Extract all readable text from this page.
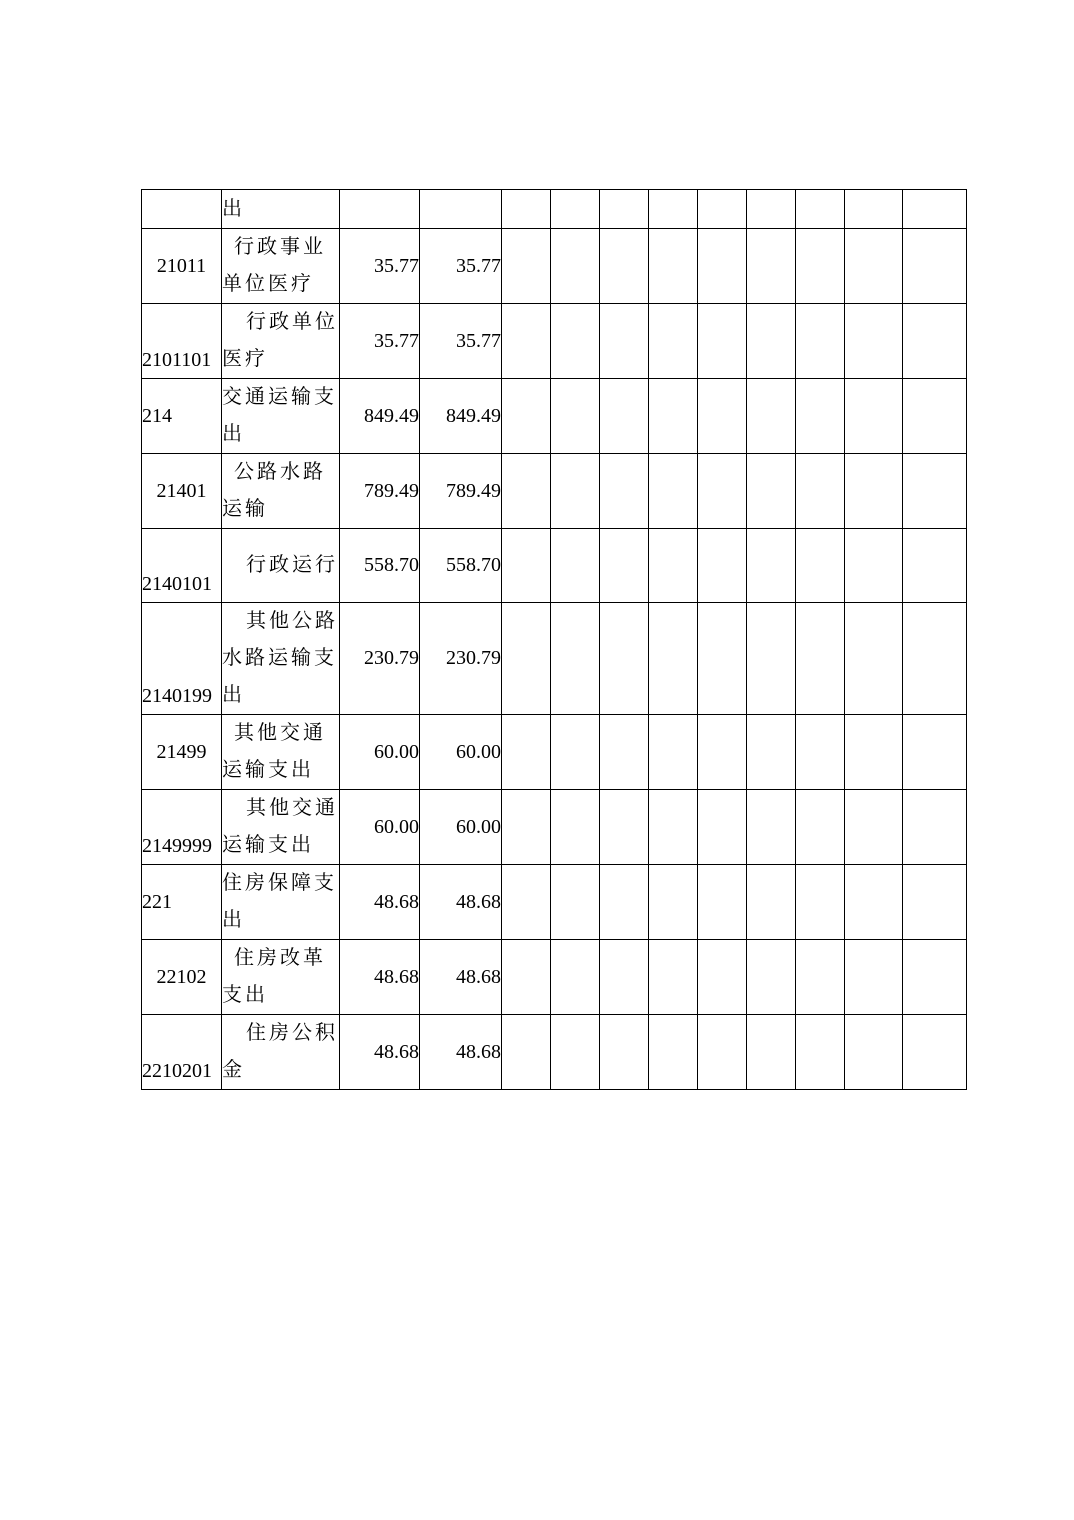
	出											
21011	行政事业单位医疗	35.77	35.77									
2101101	行政单位医疗	35.77	35.77									
214	交通运输支出	849.49	849.49									
21401	公路水路运输	789.49	789.49									
2140101	行政运行	558.70	558.70									
2140199	其他公路水路运输支出	230.79	230.79									
21499	其他交通运输支出	60.00	60.00									
2149999	其他交通运输支出	60.00	60.00									
221	住房保障支出	48.68	48.68									
22102	住房改革支出	48.68	48.68									
2210201	住房公积金	48.68	48.68									
